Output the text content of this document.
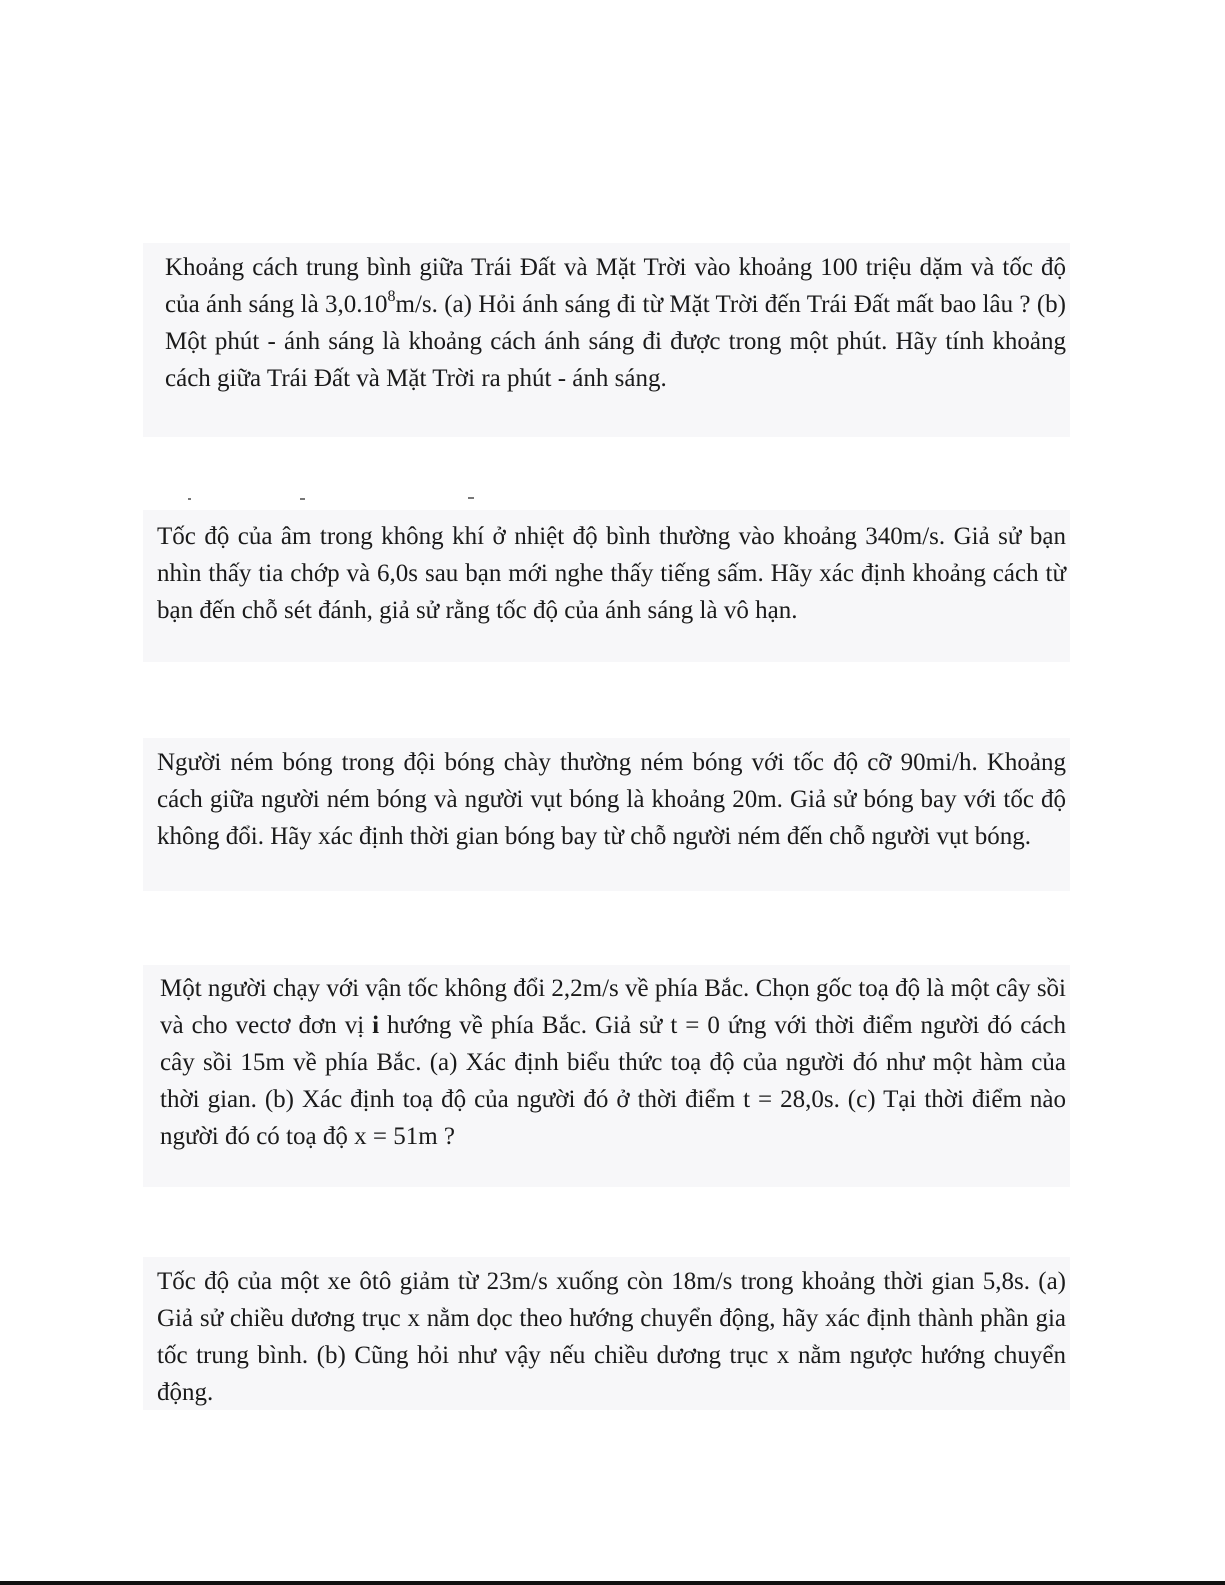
Khoảng cách trung bình giữa Trái Đất và Mặt Trời vào khoảng 100 triệu dặm và tốc độ của ánh sáng là 3,0.10$^8$m/s. (a) Hỏi ánh sáng đi từ Mặt Trời đến Trái Đất mất bao lâu ? (b) Một phút - ánh sáng là khoảng cách ánh sáng đi được trong một phút. Hãy tính khoảng cách giữa Trái Đất và Mặt Trời ra phút - ánh sáng.

Tốc độ của âm trong không khí ở nhiệt độ bình thường vào khoảng 340m/s. Giả sử bạn nhìn thấy tia chớp và 6,0s sau bạn mới nghe thấy tiếng sấm. Hãy xác định khoảng cách từ bạn đến chỗ sét đánh, giả sử rằng tốc độ của ánh sáng là vô hạn.

Người ném bóng trong đội bóng chày thường ném bóng với tốc độ cỡ 90mi/h. Khoảng cách giữa người ném bóng và người vụt bóng là khoảng 20m. Giả sử bóng bay với tốc độ không đổi. Hãy xác định thời gian bóng bay từ chỗ người ném đến chỗ người vụt bóng.

Một người chạy với vận tốc không đổi 2,2m/s về phía Bắc. Chọn gốc toạ độ là một cây sồi và cho vectơ đơn vị i hướng về phía Bắc. Giả sử t = 0 ứng với thời điểm người đó cách cây sồi 15m về phía Bắc. (a) Xác định biểu thức toạ độ của người đó như một hàm của thời gian. (b) Xác định toạ độ của người đó ở thời điểm t = 28,0s. (c) Tại thời điểm nào người đó có toạ độ x = 51m ?

Tốc độ của một xe ôtô giảm từ 23m/s xuống còn 18m/s trong khoảng thời gian 5,8s. (a) Giả sử chiều dương trục x nằm dọc theo hướng chuyển động, hãy xác định thành phần gia tốc trung bình. (b) Cũng hỏi như vậy nếu chiều dương trục x nằm ngược hướng chuyển động.
